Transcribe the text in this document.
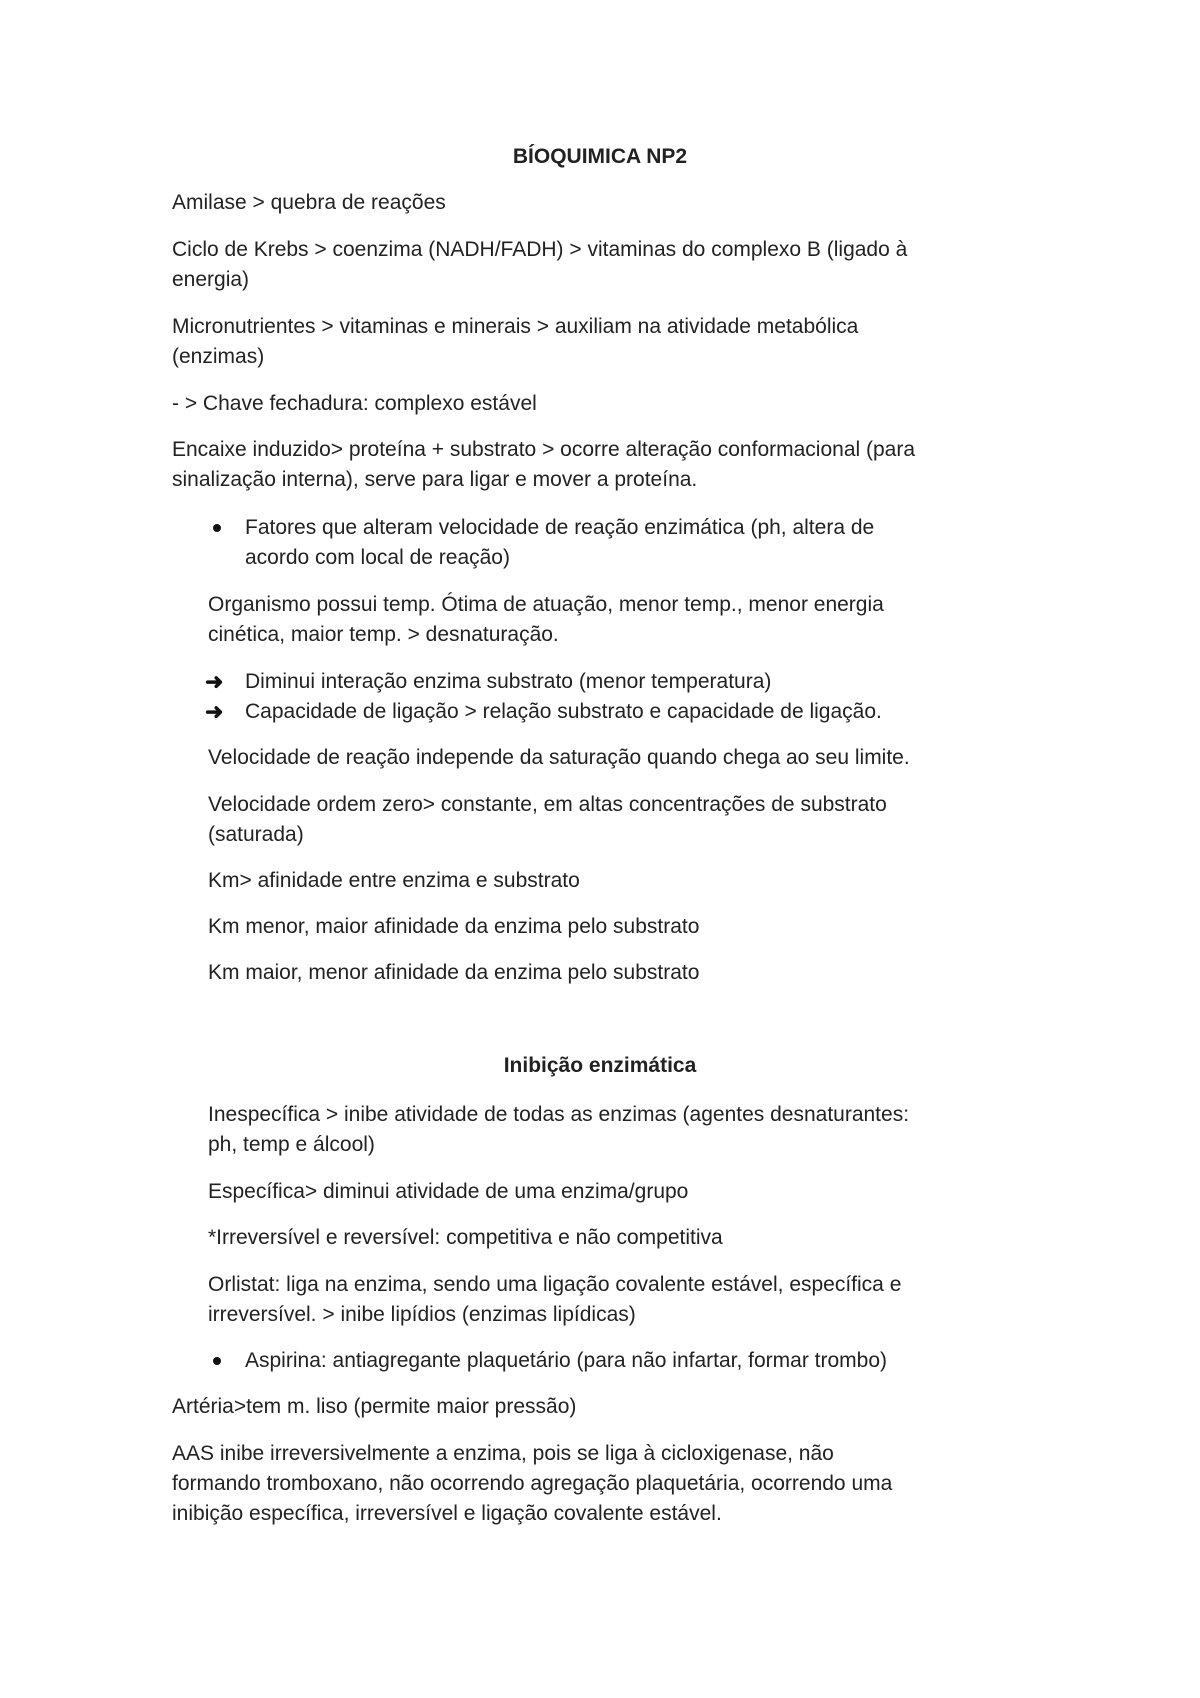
BÍOQUIMICA NP2

Amilase > quebra de reações

Ciclo de Krebs > coenzima (NADH/FADH) > vitaminas do complexo B (ligado à

energia)

Micronutrientes > vitaminas e minerais > auxiliam na atividade metabólica

(enzimas)

- > Chave fechadura: complexo estável

Encaixe induzido> proteína + substrato > ocorre alteração conformacional (para

sinalização interna), serve para ligar e mover a proteína.

Fatores que alteram velocidade de reação enzimática (ph, altera de

acordo com local de reação)

Organismo possui temp. Ótima de atuação, menor temp., menor energia

cinética, maior temp. > desnaturação.

➜ Diminui interação enzima substrato (menor temperatura)

➜ Capacidade de ligação > relação substrato e capacidade de ligação.

Velocidade de reação independe da saturação quando chega ao seu limite.

Velocidade ordem zero> constante, em altas concentrações de substrato

(saturada)

Km> afinidade entre enzima e substrato

Km menor, maior afinidade da enzima pelo substrato

Km maior, menor afinidade da enzima pelo substrato

Inibição enzimática

Inespecífica > inibe atividade de todas as enzimas (agentes desnaturantes:

ph, temp e álcool)

Específica> diminui atividade de uma enzima/grupo

*Irreversível e reversível: competitiva e não competitiva

Orlistat: liga na enzima, sendo uma ligação covalente estável, específica e

irreversível. > inibe lipídios (enzimas lipídicas)

Aspirina: antiagregante plaquetário (para não infartar, formar trombo)

Artéria>tem m. liso (permite maior pressão)

AAS inibe irreversivelmente a enzima, pois se liga à cicloxigenase, não

formando tromboxano, não ocorrendo agregação plaquetária, ocorrendo uma

inibição específica, irreversível e ligação covalente estável.
